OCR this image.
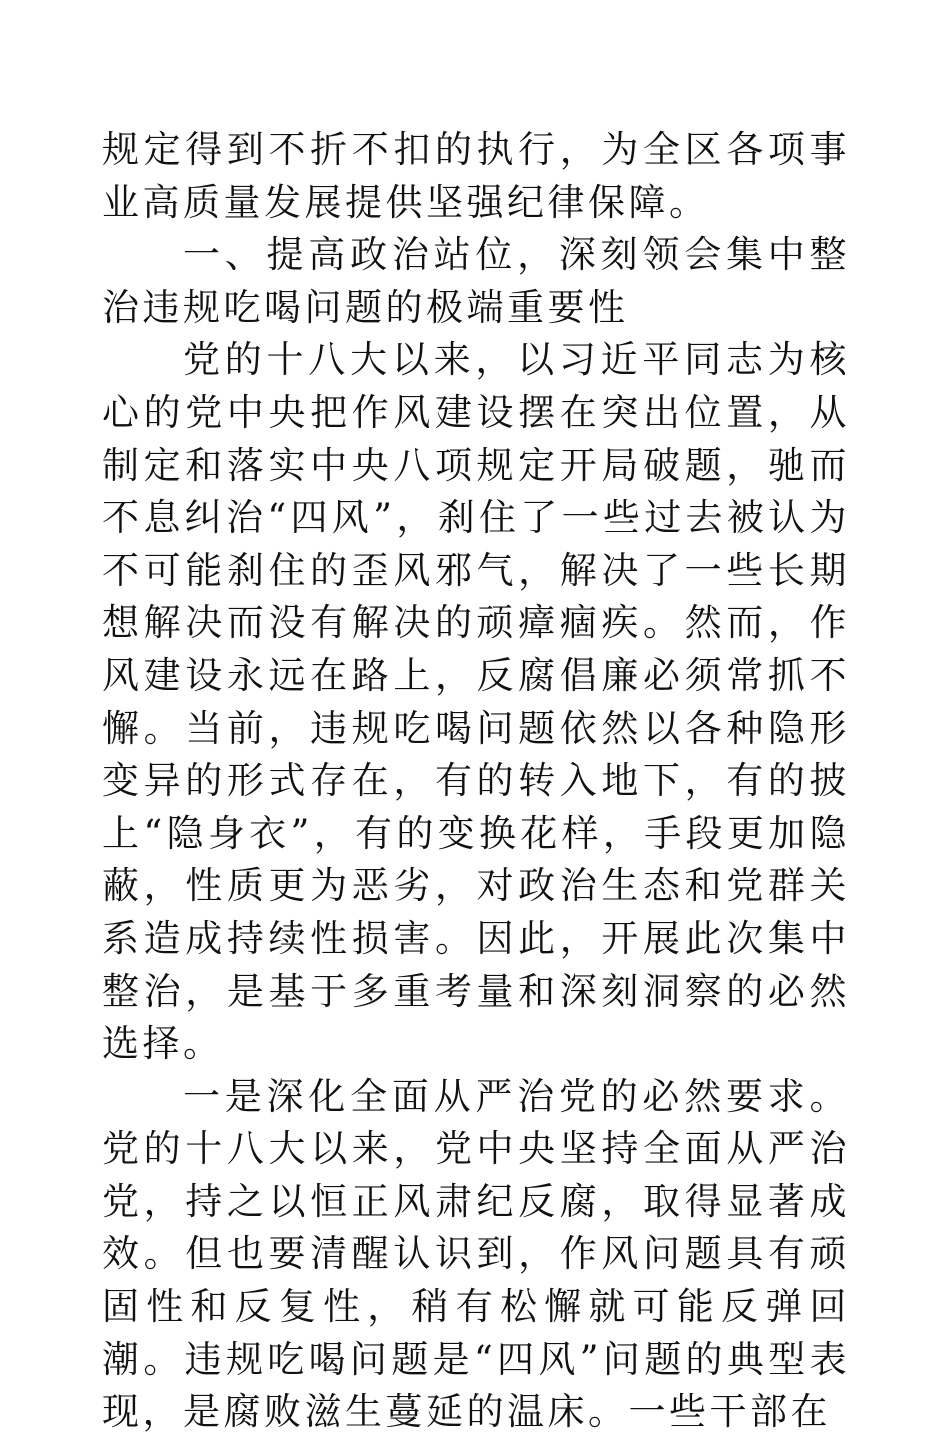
规定得到不折不扣的执行，为全区各项事业高质量发展提供坚强纪律保障。

一、提高政治站位，深刻领会集中整治违规吃喝问题的极端重要性

党的十八大以来，以习近平同志为核心的党中央把作风建设摆在突出位置，从制定和落实中央八项规定开局破题，驰而不息纠治“四风”，刹住了一些过去被认为不可能刹住的歪风邪气，解决了一些长期想解决而没有解决的顽瘴痼疾。然而，作风建设永远在路上，反腐倡廉必须常抓不懈。当前，违规吃喝问题依然以各种隐形变异的形式存在，有的转入地下，有的披上“隐身衣”，有的变换花样，手段更加隐蔽，性质更为恶劣，对政治生态和党群关系造成持续性损害。因此，开展此次集中整治，是基于多重考量和深刻洞察的必然选择。

一是深化全面从严治党的必然要求。党的十八大以来，党中央坚持全面从严治党，持之以恒正风肃纪反腐，取得显著成效。但也要清醒认识到，作风问题具有顽固性和反复性，稍有松懈就可能反弹回潮。违规吃喝问题是“四风”问题的典型表现，是腐败滋生蔓延的温床。一些干部在
